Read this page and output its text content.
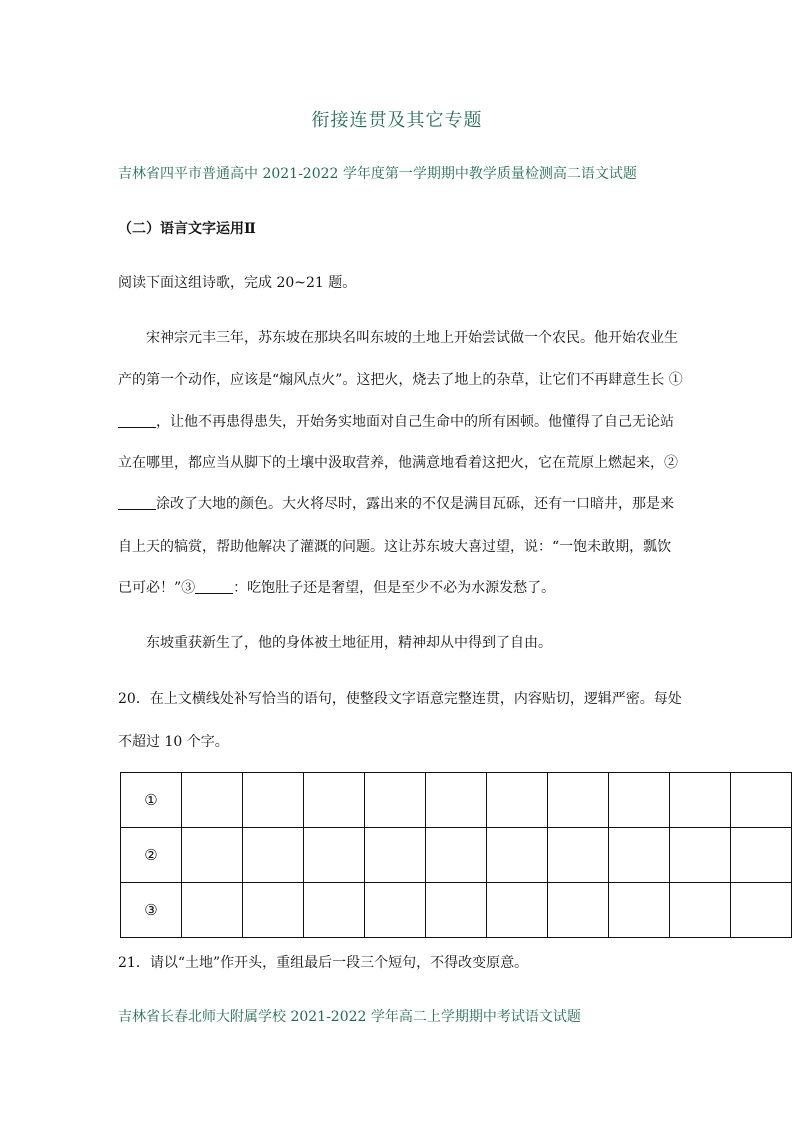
衔接连贯及其它专题
吉林省四平市普通高中 2021-2022 学年度第一学期期中教学质量检测高二语文试题
（二）语言文字运用Ⅱ
阅读下面这组诗歌，完成 20~21 题。
宋神宗元丰三年，苏东坡在那块名叫东坡的土地上开始尝试做一个农民。他开始农业生
产的第一个动作，应该是“煽风点火”。这把火，烧去了地上的杂草，让它们不再肆意生长 ①
，让他不再患得患失，开始务实地面对自己生命中的所有困顿。他懂得了自己无论站
立在哪里，都应当从脚下的土壤中汲取营养，他满意地看着这把火，它在荒原上燃起来，②
涂改了大地的颜色。大火将尽时，露出来的不仅是满目瓦砾，还有一口暗井，那是来
自上天的犒赏，帮助他解决了灌溉的问题。这让苏东坡大喜过望，说：“一饱未敢期，瓢饮
已可必！”③	：吃饱肚子还是奢望，但是至少不必为水源发愁了。
东坡重获新生了，他的身体被土地征用，精神却从中得到了自由。
20．在上文横线处补写恰当的语句，使整段文字语意完整连贯，内容贴切，逻辑严密。每处
不超过 10 个字。
①										
②										
③										
21．请以“土地”作开头，重组最后一段三个短句，不得改变原意。
吉林省长春北师大附属学校 2021-2022 学年高二上学期期中考试语文试题
